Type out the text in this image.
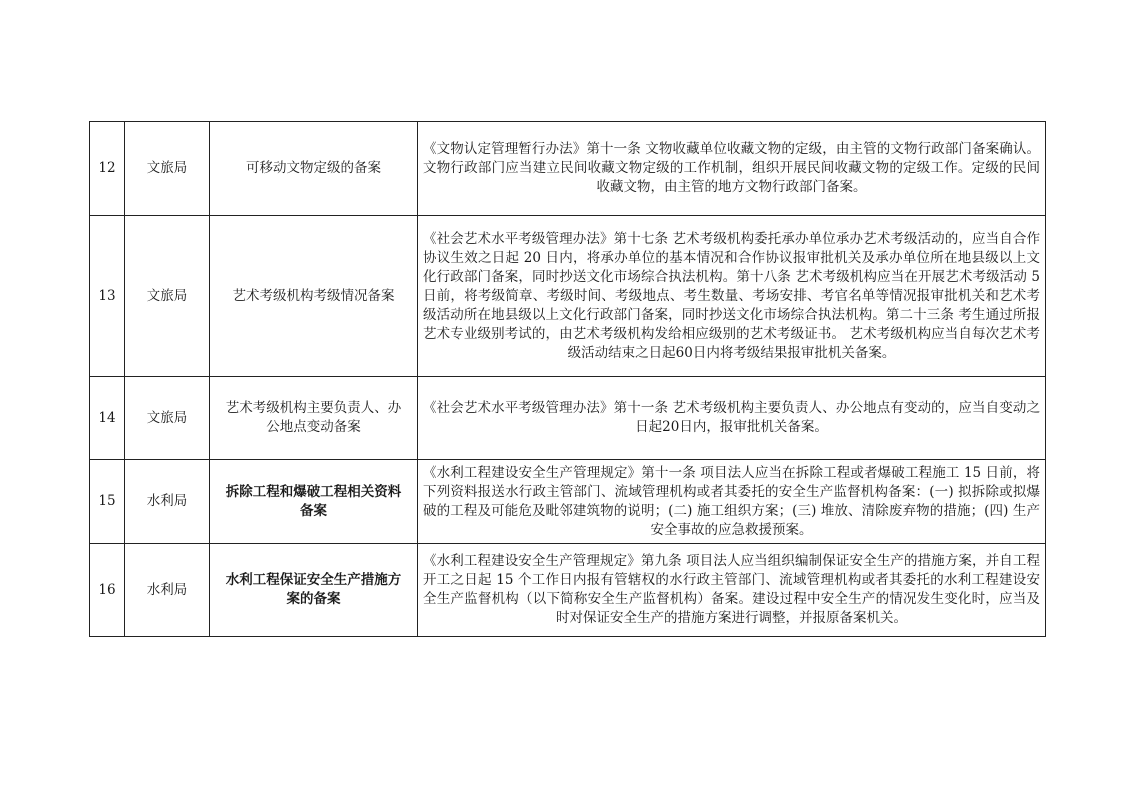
12	文旅局	可移动文物定级的备案	《文物认定管理暂行办法》第十一条 文物收藏单位收藏文物的定级，由主管的文物行政部门备案确认。文物行政部门应当建立民间收藏文物定级的工作机制，组织开展民间收藏文物的定级工作。定级的民间收藏文物，由主管的地方文物行政部门备案。
13	文旅局	艺术考级机构考级情况备案	《社会艺术水平考级管理办法》第十七条 艺术考级机构委托承办单位承办艺术考级活动的，应当自合作协议生效之日起 20 日内，将承办单位的基本情况和合作协议报审批机关及承办单位所在地县级以上文化行政部门备案，同时抄送文化市场综合执法机构。第十八条 艺术考级机构应当在开展艺术考级活动 5 日前，将考级简章、考级时间、考级地点、考生数量、考场安排、考官名单等情况报审批机关和艺术考级活动所在地县级以上文化行政部门备案，同时抄送文化市场综合执法机构。第二十三条 考生通过所报艺术专业级别考试的，由艺术考级机构发给相应级别的艺术考级证书。 艺术考级机构应当自每次艺术考级活动结束之日起60日内将考级结果报审批机关备案。
14	文旅局	艺术考级机构主要负责人、办公地点变动备案	《社会艺术水平考级管理办法》第十一条 艺术考级机构主要负责人、办公地点有变动的，应当自变动之日起20日内，报审批机关备案。
15	水利局	拆除工程和爆破工程相关资料备案	《水利工程建设安全生产管理规定》第十一条 项目法人应当在拆除工程或者爆破工程施工 15 日前，将下列资料报送水行政主管部门、流域管理机构或者其委托的安全生产监督机构备案：(一) 拟拆除或拟爆破的工程及可能危及毗邻建筑物的说明；(二) 施工组织方案；(三) 堆放、清除废弃物的措施；(四) 生产安全事故的应急救援预案。
16	水利局	水利工程保证安全生产措施方案的备案	《水利工程建设安全生产管理规定》第九条 项目法人应当组织编制保证安全生产的措施方案，并自工程开工之日起 15 个工作日内报有管辖权的水行政主管部门、流域管理机构或者其委托的水利工程建设安全生产监督机构（以下简称安全生产监督机构）备案。建设过程中安全生产的情况发生变化时，应当及时对保证安全生产的措施方案进行调整，并报原备案机关。
